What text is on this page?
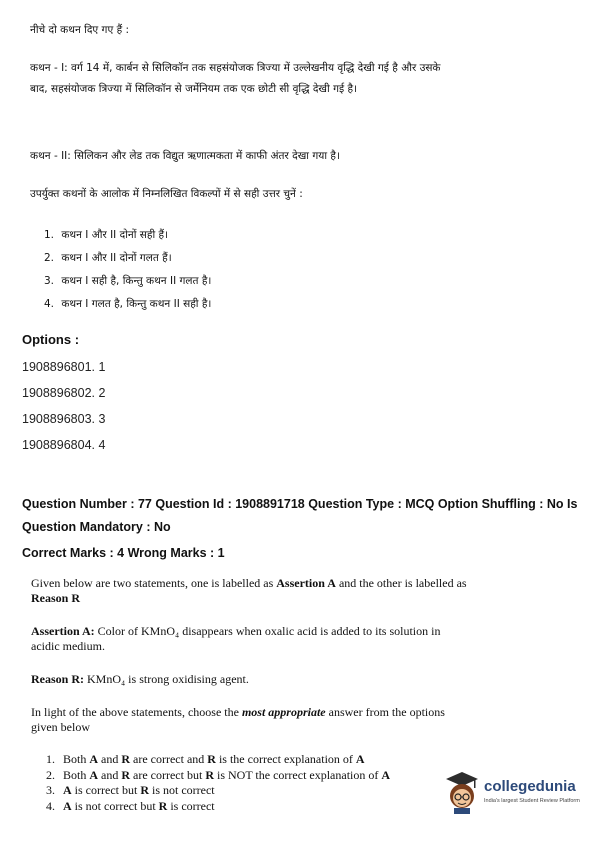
नीचे दो कथन दिए गए हैं :
कथन - I: वर्ग 14 में, कार्बन से सिलिकॉन तक सहसंयोजक त्रिज्या में उल्लेखनीय वृद्धि देखी गई है और उसके बाद, सहसंयोजक त्रिज्या में सिलिकॉन से जर्मेनियम तक एक छोटी सी वृद्धि देखी गई है।
कथन - II: सिलिकन और लेड तक विद्युत ऋणात्मकता में काफी अंतर देखा गया है।
उपर्युक्त कथनों के आलोक में निम्नलिखित विकल्पों में से सही उत्तर चुनें :
1. कथन I और II दोनों सही हैं।
2. कथन I और II दोनों गलत हैं।
3. कथन I सही है, किन्तु कथन II गलत है।
4. कथन I गलत है, किन्तु कथन II सही है।
Options :
1908896801. 1
1908896802. 2
1908896803. 3
1908896804. 4
Question Number : 77 Question Id : 1908891718 Question Type : MCQ Option Shuffling : No Is
Question Mandatory : No
Correct Marks : 4 Wrong Marks : 1
Given below are two statements, one is labelled as Assertion A and the other is labelled as Reason R
Assertion A: Color of KMnO₄ disappears when oxalic acid is added to its solution in acidic medium.
Reason R: KMnO₄ is strong oxidising agent.
In light of the above statements, choose the most appropriate answer from the options given below
1. Both A and R are correct and R is the correct explanation of A
2. Both A and R are correct but R is NOT the correct explanation of A
3. A is correct but R is not correct
4. A is not correct but R is correct
collegedunia
India's largest Student Review Platform
